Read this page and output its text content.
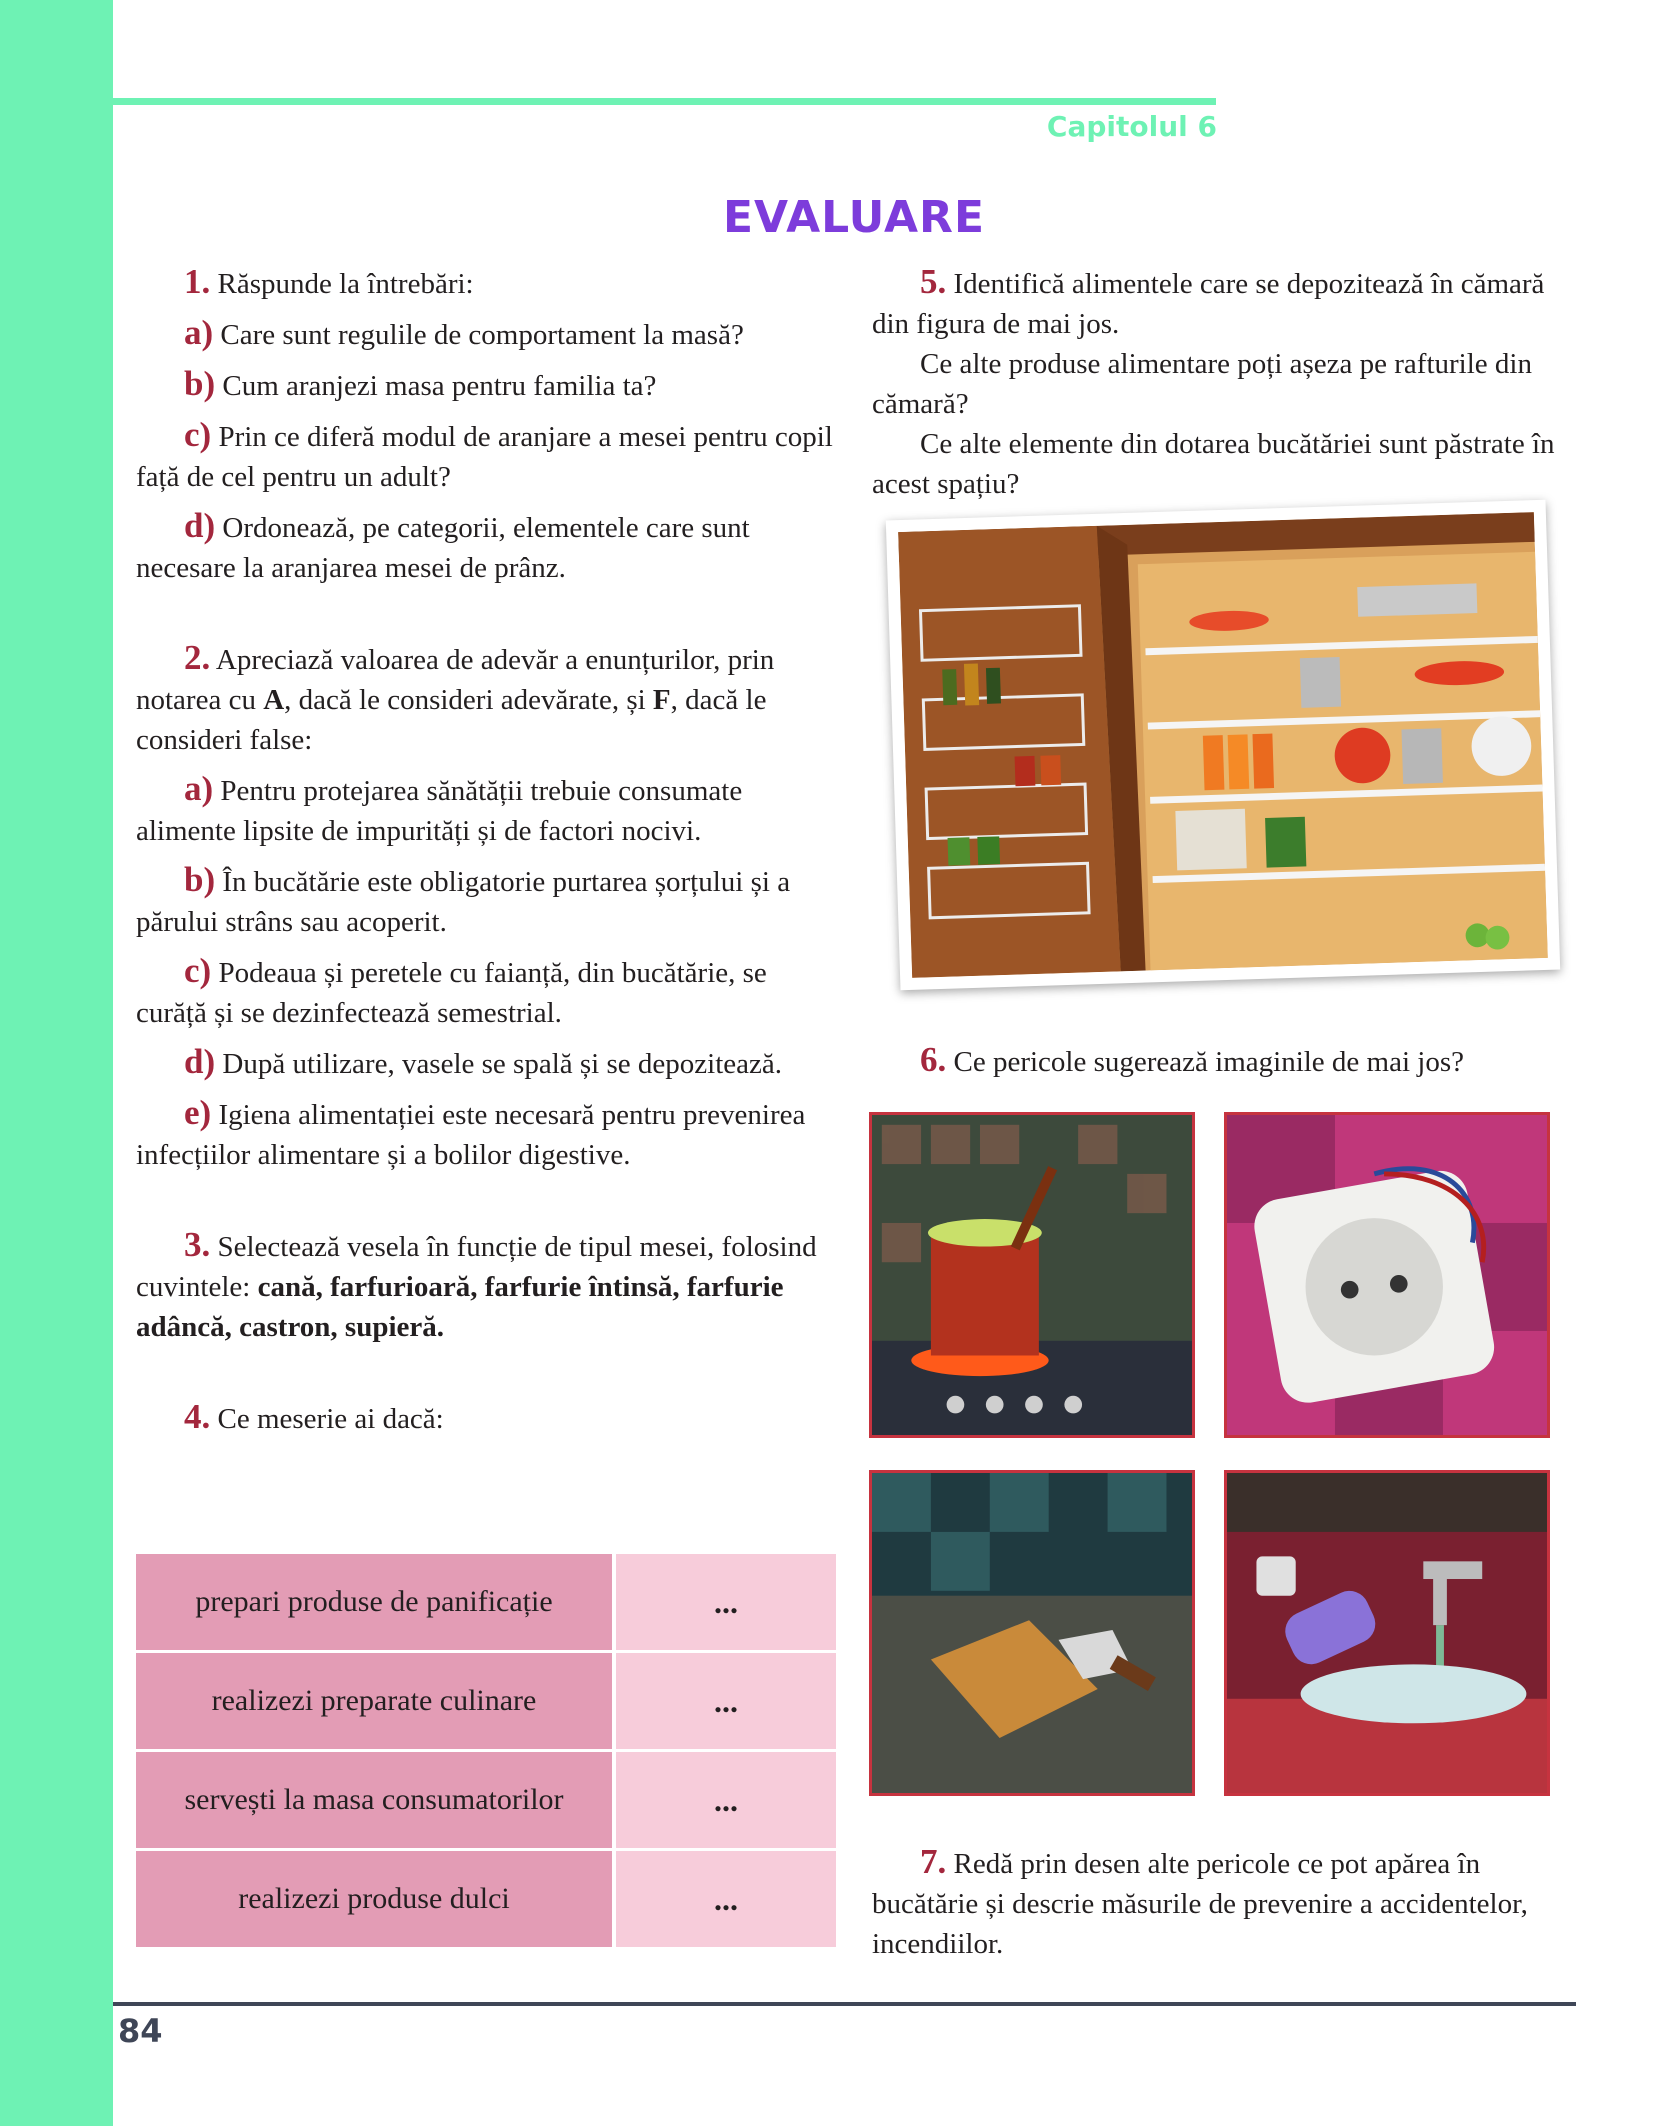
Capitolul 6
EVALUARE

1. Răspunde la întrebări:

a) Care sunt regulile de comportament la masă?

b) Cum aranjezi masa pentru familia ta?

c) Prin ce diferă modul de aranjare a mesei pentru copil față de cel pentru un adult?

d) Ordonează, pe categorii, elementele care sunt necesare la aranjarea mesei de prânz.

2. Apreciază valoarea de adevăr a enunțurilor, prin notarea cu A, dacă le consideri adevărate, și F, dacă le consideri false:

a) Pentru protejarea sănătății trebuie consumate alimente lipsite de impurități și de factori nocivi.

b) În bucătărie este obligatorie purtarea șorțului și a părului strâns sau acoperit.

c) Podeaua și peretele cu faianță, din bucătărie, se curăță și se dezinfectează semestrial.

d) După utilizare, vasele se spală și se depozitează.

e) Igiena alimentației este necesară pentru prevenirea infecțiilor alimentare și a bolilor digestive.

3. Selectează vesela în funcție de tipul mesei, folosind cuvintele: cană, farfurioară, farfurie întinsă, farfurie adâncă, castron, supieră.

4. Ce meserie ai dacă:

prepari produse de panificație	...
realizezi preparate culinare	...
servești la masa consumatorilor	...
realizezi produse dulci	...

5. Identifică alimentele care se depozitează în cămară din figura de mai jos.

Ce alte produse alimentare poți așeza pe rafturile din cămară?

Ce alte elemente din dotarea bucătăriei sunt păstrate în acest spațiu?

6. Ce pericole sugerează imaginile de mai jos?

7. Redă prin desen alte pericole ce pot apărea în bucătărie și descrie măsurile de prevenire a accidentelor, incendiilor.

84
